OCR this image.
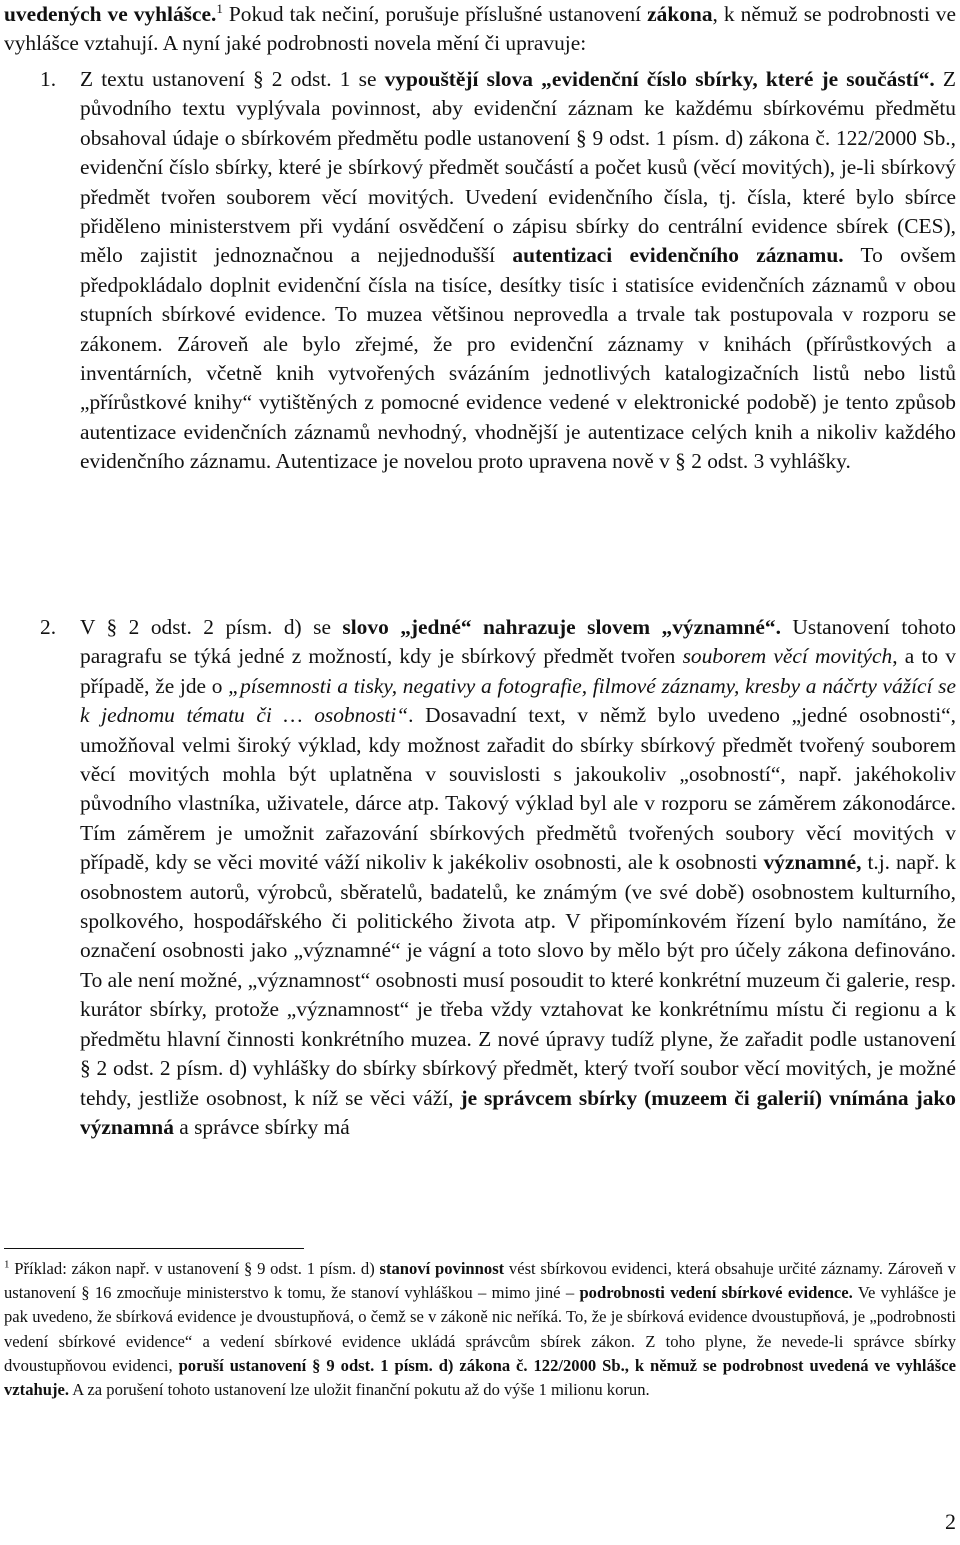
uvedených ve vyhlášce.$^1$ Pokud tak nečiní, porušuje příslušné ustanovení zákona, k němuž se podrobnosti ve vyhlášce vztahují. A nyní jaké podrobnosti novela mění či upravuje:
1. Z textu ustanovení § 2 odst. 1 se vypouštějí slova „evidenční číslo sbírky, které je součástí“. Z původního textu vyplývala povinnost, aby evidenční záznam ke každému sbírkovému předmětu obsahoval údaje o sbírkovém předmětu podle ustanovení § 9 odst. 1 písm. d) zákona č. 122/2000 Sb., evidenční číslo sbírky, které je sbírkový předmět součástí a počet kusů (věcí movitých), je-li sbírkový předmět tvořen souborem věcí movitých. Uvedení evidenčního čísla, tj. čísla, které bylo sbírce přiděleno ministerstvem při vydání osvědčení o zápisu sbírky do centrální evidence sbírek (CES), mělo zajistit jednoznačnou a nejjednodušší autentizaci evidenčního záznamu. To ovšem předpokládalo doplnit evidenční čísla na tisíce, desítky tisíc i statisíce evidenčních záznamů v obou stupních sbírkové evidence. To muzea většinou neprovedla a trvale tak postupovala v rozporu se zákonem. Zároveň ale bylo zřejmé, že pro evidenční záznamy v knihách (přírůstkových a inventárních, včetně knih vytvořených svázáním jednotlivých katalogizačních listů nebo listů „přírůstkové knihy“ vytištěných z pomocné evidence vedené v elektronické podobě) je tento způsob autentizace evidenčních záznamů nevhodný, vhodnější je autentizace celých knih a nikoliv každého evidenčního záznamu. Autentizace je novelou proto upravena nově v § 2 odst. 3 vyhlášky.
2. V § 2 odst. 2 písm. d) se slovo „jedné“ nahrazuje slovem „významné“. Ustanovení tohoto paragrafu se týká jedné z možností, kdy je sbírkový předmět tvořen souborem věcí movitých, a to v případě, že jde o „písemnosti a tisky, negativy a fotografie, filmové záznamy, kresby a náčrty vážící se k jednomu tématu či … osobnosti“. Dosavadní text, v němž bylo uvedeno „jedné osobnosti“, umožňoval velmi široký výklad, kdy možnost zařadit do sbírky sbírkový předmět tvořený souborem věcí movitých mohla být uplatněna v souvislosti s jakoukoliv „osobností“, např. jakéhokoliv původního vlastníka, uživatele, dárce atp. Takový výklad byl ale v rozporu se záměrem zákonodárce. Tím záměrem je umožnit zařazování sbírkových předmětů tvořených soubory věcí movitých v případě, kdy se věci movité váží nikoliv k jakékoliv osobnosti, ale k osobnosti významné, t.j. např. k osobnostem autorů, výrobců, sběratelů, badatelů, ke známým (ve své době) osobnostem kulturního, spolkového, hospodářského či politického života atp. V připomínkovém řízení bylo namítáno, že označení osobnosti jako „významné“ je vágní a toto slovo by mělo být pro účely zákona definováno. To ale není možné, „významnost“ osobnosti musí posoudit to které konkrétní muzeum či galerie, resp. kurátor sbírky, protože „významnost“ je třeba vždy vztahovat ke konkrétnímu místu či regionu a k předmětu hlavní činnosti konkrétního muzea. Z nové úpravy tudíž plyne, že zařadit podle ustanovení § 2 odst. 2 písm. d) vyhlášky do sbírky sbírkový předmět, který tvoří soubor věcí movitých, je možné tehdy, jestliže osobnost, k níž se věci váží, je správcem sbírky (muzeem či galerií) vnímána jako významná a správce sbírky má
$^1$ Příklad: zákon např. v ustanovení § 9 odst. 1 písm. d) stanoví povinnost vést sbírkovou evidenci, která obsahuje určité záznamy. Zároveň v ustanovení § 16 zmocňuje ministerstvo k tomu, že stanoví vyhláškou – mimo jiné – podrobnosti vedení sbírkové evidence. Ve vyhlášce je pak uvedeno, že sbírková evidence je dvoustupňová, o čemž se v zákoně nic neříká. To, že je sbírková evidence dvoustupňová, je „podrobnosti vedení sbírkové evidence“ a vedení sbírkové evidence ukládá správcům sbírek zákon. Z toho plyne, že nevede-li správce sbírky dvoustupňovou evidenci, poruší ustanovení § 9 odst. 1 písm. d) zákona č. 122/2000 Sb., k němuž se podrobnost uvedená ve vyhlášce vztahuje. A za porušení tohoto ustanovení lze uložit finanční pokutu až do výše 1 milionu korun.
2
